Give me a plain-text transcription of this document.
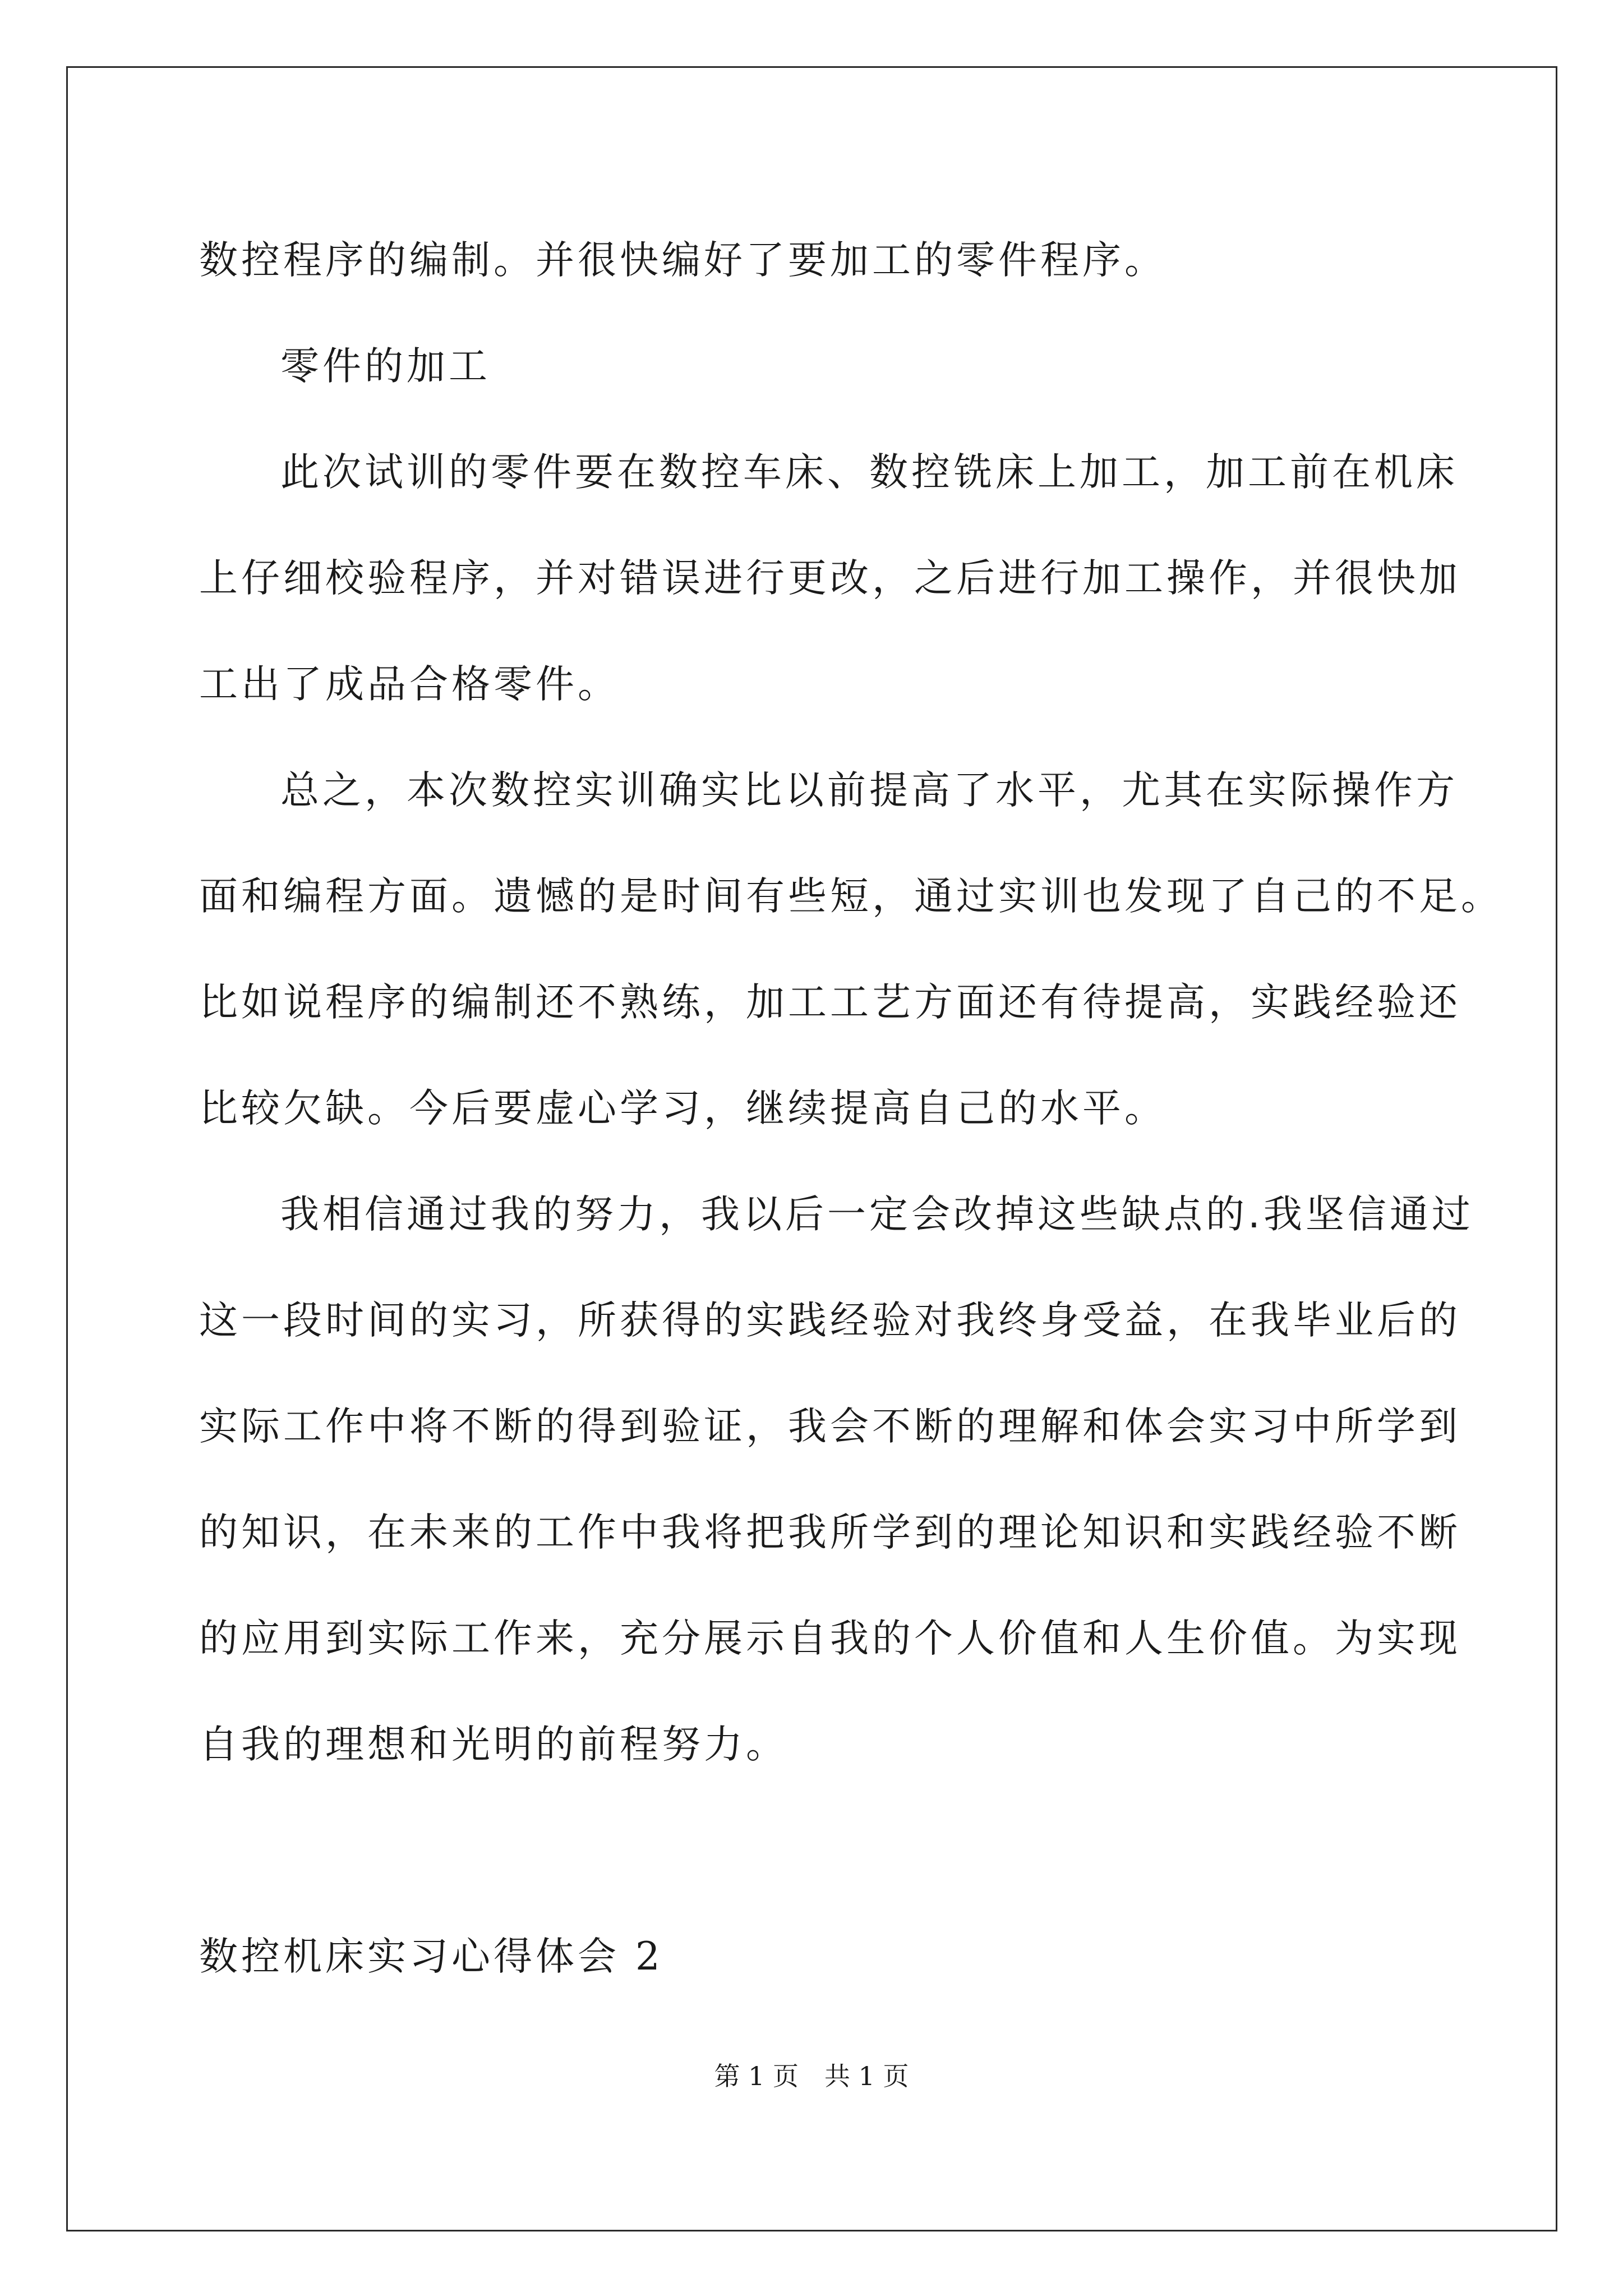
数控程序的编制。并很快编好了要加工的零件程序。
零件的加工
此次试训的零件要在数控车床、数控铣床上加工，加工前在机床
上仔细校验程序，并对错误进行更改，之后进行加工操作，并很快加
工出了成品合格零件。
总之，本次数控实训确实比以前提高了水平，尤其在实际操作方
面和编程方面。遗憾的是时间有些短，通过实训也发现了自己的不足。
比如说程序的编制还不熟练，加工工艺方面还有待提高，实践经验还
比较欠缺。今后要虚心学习，继续提高自己的水平。
我相信通过我的努力，我以后一定会改掉这些缺点的.我坚信通过
这一段时间的实习，所获得的实践经验对我终身受益，在我毕业后的
实际工作中将不断的得到验证，我会不断的理解和体会实习中所学到
的知识，在未来的工作中我将把我所学到的理论知识和实践经验不断
的应用到实际工作来，充分展示自我的个人价值和人生价值。为实现
自我的理想和光明的前程努力。
数控机床实习心得体会 2
第 1 页　共 1 页
